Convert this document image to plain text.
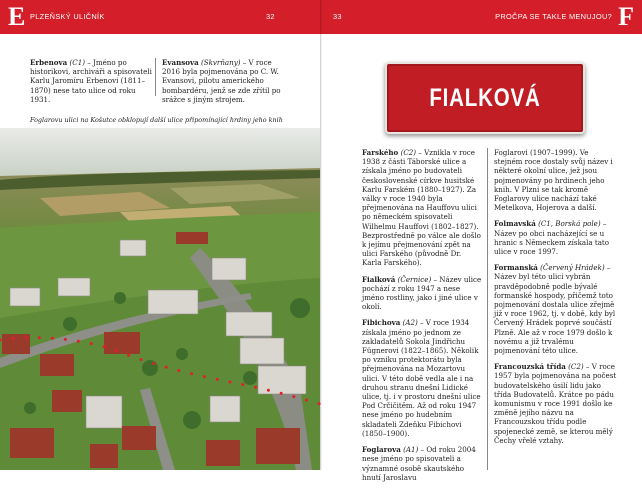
E PLZEŇSKÝ ULIČNÍK	32	33	PROČPA SE TAKLE MENUJOU? F
Erbenova (C1) – Jméno po historikovi, archiváři a spisovateli Karlu Jaromíru Erbenovi (1811–1870) nese tato ulice od roku 1931.
Evansova (Skvrňany) – V roce 2016 byla pojmenována po C. W. Evansovi, pilotu amerického bombardéru, jenž se zde zřítil po srážce s jiným strojem.
Foglarovu ulici na Košutce obklopují další ulice připomínající hrdiny jeho knih
FIALKOVÁ

Farského (C2) – Vznikla v roce 1938 z části Táborské ulice a získala jméno po budovateli československé církve husitské Karlu Farském (1880–1927). Za války v roce 1940 byla přejmenována na Hauffovu ulici po německém spisovateli Wilhelmu Hauffovi (1802–1827). Bezprostředně po válce ale došlo k jejímu přejmenování zpět na ulici Farského (původně Dr. Karla Farského).

Fialková (Černice) – Název ulice pochází z roku 1947 a nese jméno rostliny, jako i jiné ulice v okolí.

Fibichova (A2) – V roce 1934 získala jméno po jednom ze zakladatelů Sokola Jindřichu Fügnerovi (1822–1865). Několik po vzniku protektorátu byla přejmenována na Mozartovu ulici. V této době vedla ale i na druhou stranu dnešní Lidické ulice, tj. i v prostoru dnešní ulice Pod Crčičitěm. Až od roku 1947 nese jméno po hudebním skladateli Zdeňku Fibichovi (1850–1900).

Foglarova (A1) – Od roku 2004 nese jméno po spisovateli a významné osobě skautského hnutí Jaroslavu

Foglarovi (1907–1999). Ve stejném roce dostaly svůj název i některé okolní ulice, jež jsou pojmenovány po hrdinech jeho knih. V Plzni se tak kromě Foglarovy ulice nachází také Metelkova, Hojerova a další.

Folmavská (C1, Borská pole) – Název po obci nacházející se u hranic s Německem získala tato ulice v roce 1997.

Formanská (Červený Hrádek) – Název byl této ulici vybrán pravděpodobně podle bývalé formanské hospody, přičemž toto pojmenování dostala ulice zřejmě již v roce 1962, tj. v době, kdy byl Červený Hrádek poprvé součástí Plzně. Ale až v roce 1979 došlo k novému a již trvalému pojmenování této ulice.

Francouzská třída (C2) – V roce 1957 byla pojmenována na počest budovatelského úsilí lidu jako třída Budovatelů. Krátce po pádu komunismu v roce 1991 došlo ke změně jejího názvu na Francouzskou třídu podle spojenecké země, se kterou mělý Čechy vřelé vztahy.
